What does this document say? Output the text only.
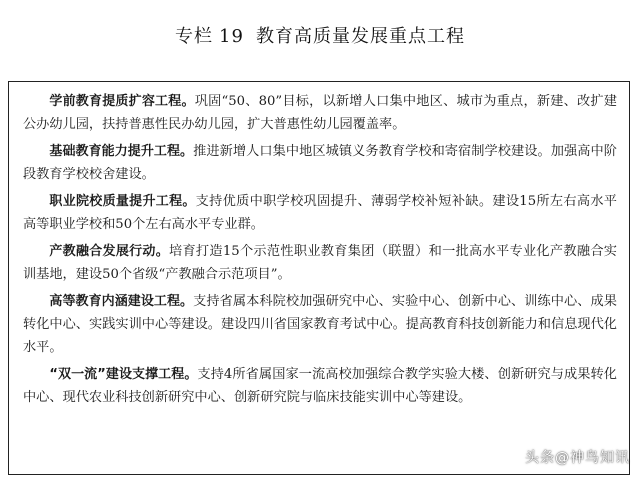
专栏 19 教育高质量发展重点工程

学前教育提质扩容工程。巩固“50、80”目标，以新增人口集中地区、城市为重点，新建、改扩建公办幼儿园，扶持普惠性民办幼儿园，扩大普惠性幼儿园覆盖率。

基础教育能力提升工程。推进新增人口集中地区城镇义务教育学校和寄宿制学校建设。加强高中阶段教育学校校舍建设。

职业院校质量提升工程。支持优质中职学校巩固提升、薄弱学校补短补缺。建设15所左右高水平高等职业学校和50个左右高水平专业群。

产教融合发展行动。培育打造15个示范性职业教育集团（联盟）和一批高水平专业化产教融合实训基地，建设50个省级“产教融合示范项目”。

高等教育内涵建设工程。支持省属本科院校加强研究中心、实验中心、创新中心、训练中心、成果转化中心、实践实训中心等建设。建设四川省国家教育考试中心。提高教育科技创新能力和信息现代化水平。

“双一流”建设支撑工程。支持4所省属国家一流高校加强综合教学实验大楼、创新研究与成果转化中心、现代农业科技创新研究中心、创新研究院与临床技能实训中心等建设。

头条@神鸟知讯
